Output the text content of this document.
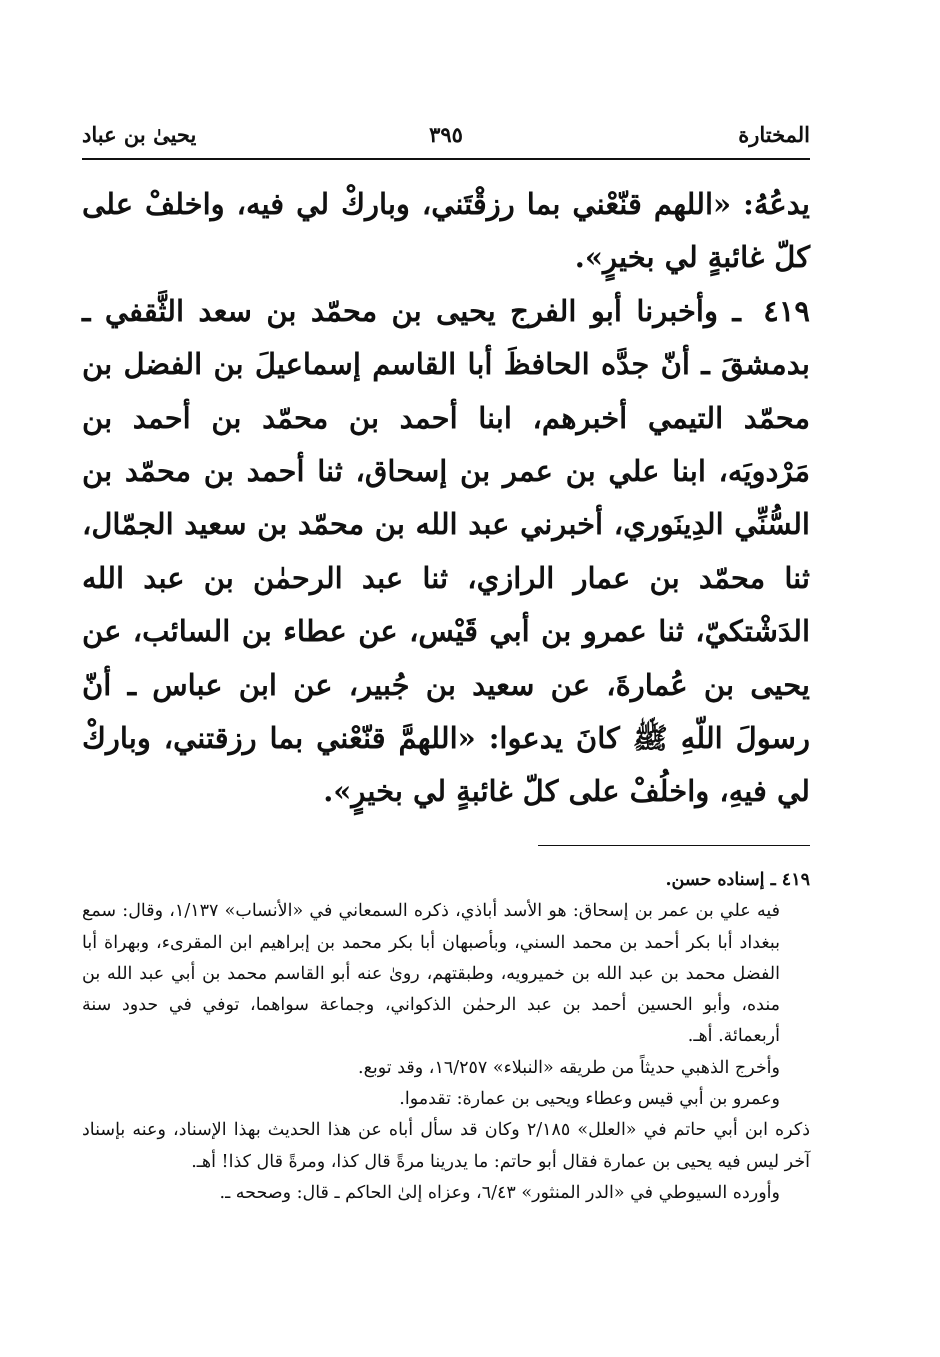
المختارة
٣٩٥
يحيىٰ بن عباد

يدعُهُ: «اللهم قنّعْني بما رزقْتَني، وباركْ لي فيه، واخلفْ على كلّ غائبةٍ لي بخيرٍ».

٤١٩ ـ وأخبرنا أبو الفرج يحيى بن محمّد بن سعد الثَّقفي ـ بدمشقَ ـ أنّ جدَّه الحافظَ أبا القاسم إسماعيلَ بن الفضل بن محمّد التيمي أخبرهم، ابنا أحمد بن محمّد بن أحمد بن مَرْدويَه، ابنا علي بن عمر بن إسحاق، ثنا أحمد بن محمّد بن السُّنِّي الدِينَوري، أخبرني عبد الله بن محمّد بن سعيد الجمّال، ثنا محمّد بن عمار الرازي، ثنا عبد الرحمٰن بن عبد الله الدَشْتكيّ، ثنا عمرو بن أبي قَيْس، عن عطاء بن السائب، عن يحيى بن عُمارةَ، عن سعيد بن جُبير، عن ابن عباس ـ أنّ رسولَ اللّهِ ﷺ كانَ يدعوا: «اللهمَّ قنّعْني بما رزقتني، وباركْ لي فيهِ، واخلُفْ على كلّ غائبةٍ لي بخيرٍ».

٤١٩ ـ إسناده حسن.

فيه علي بن عمر بن إسحاق: هو الأسد أباذي، ذكره السمعاني في «الأنساب» ١/١٣٧، وقال: سمع ببغداد أبا بكر أحمد بن محمد السني، وبأصبهان أبا بكر محمد بن إبراهيم ابن المقرىء، وبهراة أبا الفضل محمد بن عبد الله بن خميرويه، وطبقتهم، روىٰ عنه أبو القاسم محمد بن أبي عبد الله بن منده، وأبو الحسين أحمد بن عبد الرحمٰن الذكواني، وجماعة سواهما، توفي في حدود سنة أربعمائة. أهـ.

وأخرج الذهبي حديثاً من طريقه «النبلاء» ١٦/٢٥٧، وقد توبع.

وعمرو بن أبي قيس وعطاء ويحيى بن عمارة: تقدموا.

ذكره ابن أبي حاتم في «العلل» ٢/١٨٥ وكان قد سأل أباه عن هذا الحديث بهذا الإسناد، وعنه بإسناد آخر ليس فيه يحيى بن عمارة فقال أبو حاتم: ما يدرينا مرةً قال كذا، ومرةً قال كذا! أهـ.

وأورده السيوطي في «الدر المنثور» ٦/٤٣، وعزاه إلىٰ الحاكم ـ قال: وصححه ـ.
